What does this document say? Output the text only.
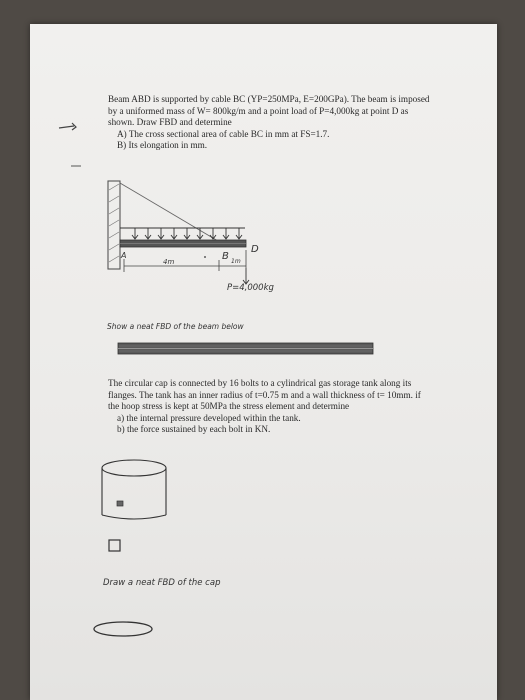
Beam ABD is supported by cable BC (YP=250MPa, E=200GPa). The beam is imposed
by a uniformed mass of W= 800kg/m and a point load of P=4,000kg at point D as
shown. Draw FBD and determine
A) The cross sectional area of cable BC in mm at FS=1.7.
B) Its elongation in mm.
A	B
D
4m	1m
P=4,000kg
Show a neat FBD of the beam below
The circular cap is connected by 16 bolts to a cylindrical gas storage tank along its
flanges. The tank has an inner radius of t=0.75 m and a wall thickness of t= 10mm. if
the hoop stress is kept at 50MPa the stress element and determine
a) the internal pressure developed within the tank.
b) the force sustained by each bolt in KN.
Draw a neat FBD of the cap
